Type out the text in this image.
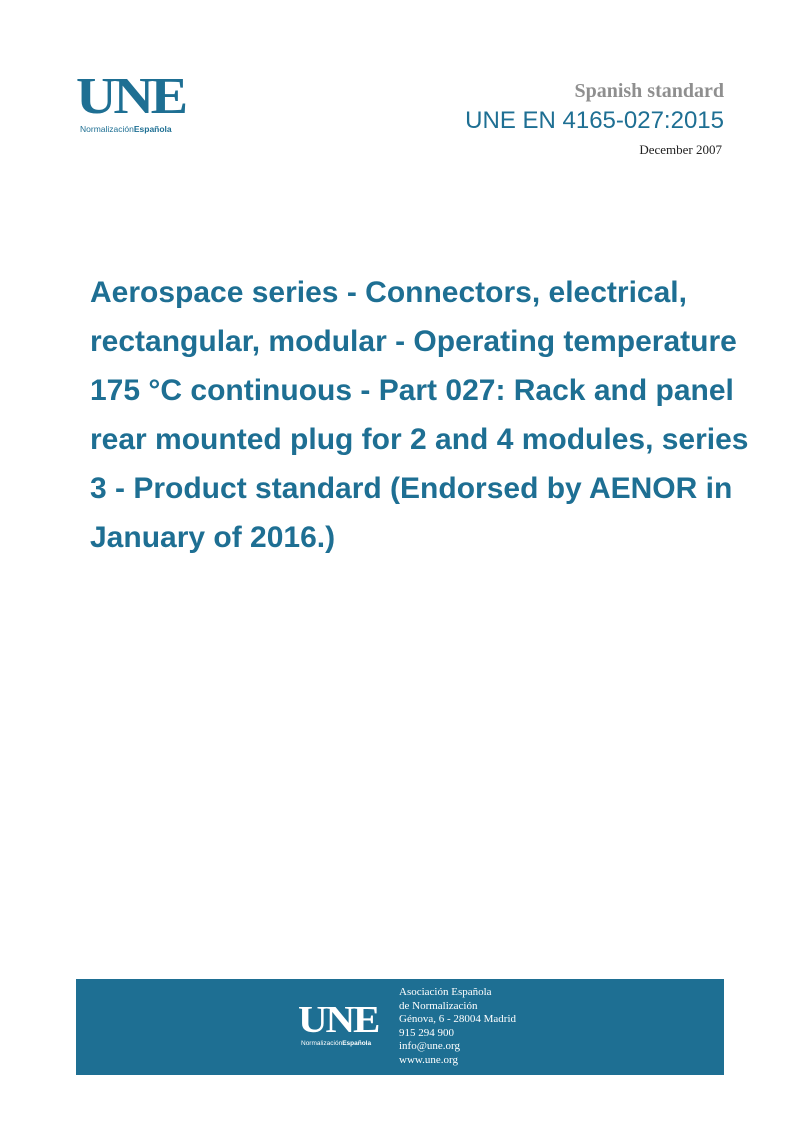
UNE
NormalizaciónEspañola
Spanish standard
UNE EN 4165-027:2015
December 2007
Aerospace series - Connectors, electrical, rectangular, modular - Operating temperature 175 °C continuous - Part 027: Rack and panel rear mounted plug for 2 and 4 modules, series 3 - Product standard (Endorsed by AENOR in January of 2016.)
UNE
NormalizaciónEspañola
Asociación Española
de Normalización
Génova, 6 - 28004 Madrid
915 294 900
info@une.org
www.une.org
